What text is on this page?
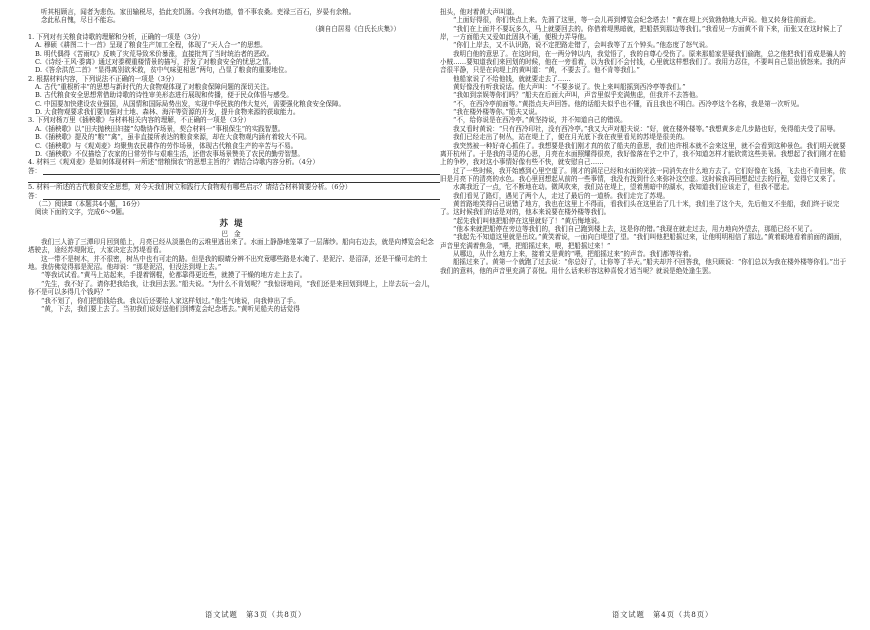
听其相顾言，闻者为悲伤。家田输税尽，拾此充饥肠。今我何功德，曾不事农桑。吏禄三百石，岁晏有余粮。

念此私自愧，尽日不能忘。

（摘自白居易《白氏长庆集》）

1. 下列对有关粮食诗歌的理解和分析，正确的一项是（3分）

A. 穆硕《耕图二十一首》呈现了粮食生产加工全程，体现了“天人合一”的思想。

B. 明代偶得《苦雨叹》反映了灾荒导致米价暴涨，直接批判了当时统治者的恶政。

C.《诗经·王风·黍离》通过对黍稷重楼情景的描写，抒发了对粮食安全的忧思之情。

D.《答佘洪范二首》“显得离别欲米救，贫中气味更相思”两句，凸显了粮食的重要地位。

2. 根据材料内容，下列说法不正确的一项是（3分）

A. 古代“重根析丰”的思想与新时代的大食物观体现了对粮食保障问题的深切关注。

B. 古代粮食安全思想常借助诗歌的诗性审美形态进行展现和传播，便于民众体悟与感受。

C. 中国要加快建设农业强国，从国情和国际局势出发，实现中华民族的伟大复兴，需要强化粮食安全保障。

D. 大食物观要求我们要加强对土地、森林、海洋等资源的开发，提升食物来源的获取能力。

3. 下列对杨万里《插秧歌》与材料相关内容的理解，不正确的一项是（3分）

A.《插秧歌》以“田夫抛秧田妇接”勾勒协作场景，契合材料一“事根保生”的实践智慧。

B.《插秧歌》提及的“粮”“禽”，虽非直接所表达的粮食来源，却在大食物观内涵有着较大不同。

C.《插秧歌》与《观刈麦》均聚焦农民耕作的劳作场景，体现古代粮食生产的辛苦与不易。

D.《插秧歌》不仅描绘了农家的日常劳作与艰难生活，还借农事场景赞美了农民的勤劳智慧。

4. 材料三《观刈麦》是如何体现材料一所述“惜粮悯农”的思想主旨的？请结合诗歌内容分析。（4分）

答：

5. 材料一所述的古代粮食安全思想，对今天我们树立和践行大食物观有哪些启示？请结合材料简要分析。（6分）

答：

（二）阅读Ⅱ（本题共4小题，16分）

阅读下面的文字，完成6～9题。

苏堤

巴金

我们三人游了三潭印月回到船上，月亮已经从淡墨色的云堆里逃出来了。水面上静静地笼罩了一层薄纱。船向右边去，就是向博览会纪念塔驶去，途经苏堤附近，大家决定去苏堤看看。

这一带不是树木，并不很密，树丛中也有可走的路。但是我的眼睛分辨不出究竟哪些路是水淹了、是泥泞、是沼泽，还是干燥可走的土地。我仿佛觉得那是泥沼。他却说：“那是泥沼，但没法到堤上去。”

“等我试试看。”黄马上站起来，手提着钢棍，伦都靠得更近些，就摸了干燥的地方走上去了。

“先生，我不好了。请你把我给我，让我回去罢。”船夫说。“为什么不肯划呢？”我惊讶地问，“我们还是来回划到堤上，上岸去玩一会儿，你不是可以多得几个钱吗？”

“我不划了，你们把船钱给我。我以后还要给人家这样划过。”他生气地说，向我伸出了手。

“黄，下去，我们要上去了。当初我们说好送他们到博览会纪念塔去。”黄听见船夫的话觉得

语文试题　第3页（共8页）

扭头，他对着黄大声叫道。

“上面好得很，你们快点上来。先溜了这里，等一会儿再到博览会纪念塔去！”黄在堤上兴致勃勃地大声说。他又转身往前面走。

“我们在上面并不要玩多久，马上就要回去的。你借着堤黑暗就，把船搭到那边等我们。”我看见一方面黄不肯下来，而张又在这时候上了岸，一方面船夫又爱如此固执不通，便极力弄导他。

“你们上岸去，又不认识路，说不定把路走错了，会叫我等了五个钟头。”他态度了怒气说。

我明白他的意思了。在这时间，在一两分钟以内，我觉悟了，我的自尊心受伤了。原来那船家是疑我们偷跑，总之他把我们看成是骗人的小贼……要知道我们来回划的时候，他在一旁看着，以为我们不会付钱，心里就这样想我们了。我用力忍住，不要叫自己显出愤怒来。我的声音很平静，只是在向堤上的黄叫道：“黄，不要去了。他不肯等我们。”

他船家说了不给他钱，就就要走去了……

黄好像没有听我说话。他大声叫：“不要多说了。快上来叫船摇到西冷亭等我们。”

“我如到亲娱等你们吗？”船夫在后面大声叫，声音里似乎充满焦虑，但我并不去答他。

“不，在西冷亭前面等。”黄指点夫声回答。他的话船夫似乎也不懂，而且我也不明白。西冷亭这个名称，我是第一次听见。

“我在楼外楼等你。”船夫又说。

“不，给你说是在西冷亭。”黄坚持说，并不知道自己的错误。

我又看时黄说：“只有西冷印社，没有西冷亭。”我又大声对船夫说：“好，就在楼外楼等。”我想黄多走几步路也好，免得船夫受了屈辱。

我们已经走出了树丛，站在堤上了，便在月光底下我在夜里看见的苏堤是很美的。

我突然被一种好奇心抓住了。我想要是我们刚才真的依了船夫的意思，我们也许根本就不会来这里，就不会看到这种景色。我们明天就要离开杭州了。于是我的寻觅的心思，月亮在水面照耀得很亮，我好像落在乎之中了，我不知道怎样才能欣赏这些美景。我想起了我们刚才在船上的争吵，我对这小事情好像有些不快，就安慰自己……

过了一些时候，我开始感到心里空虚了。刚才的满足已经和水面的光波一同消失在什么地方去了。它们好像在飞扬，飞去也不肯回来，依旧是月亮下的清亮的水色。我心里回想起从前的一些事情，我没有找到什么来弥补这空虚。这时候我再回想起过去的行程，觉得它又来了。

水离我近了一点，它不断地在动。微风吹来，我们站在堤上，望着黑暗中的湖水，我知道我们应该走了，但我不愿走。

我们看见了路灯，遇见了两个人，走过了最后的一道桥。我们走完了苏堤。

黄首路地笑得自己说错了地方，我也在这里上不得而，看我们头在这里治了几十米，我们坐了这个夫，先后他又不坐船，我们终于说完了。这时候我们的话是对的，他本来说要在楼外楼等我们。

“起先我们叫他把船停在这里就好了！”黄后悔地说。

“他本来就把船停在旁边等我们的，我们自己跑到楼上去，这是你的错。”我现在就走过去，用力地向外望去，那船已经不见了。

“我起先不知道这里就是岳坟。”黄笑着说，一面向白堤望了望。“我们叫他把船摇过来，让他明明相信了那边。”黄着眼地看着前面的湖面，声音里充满着焦急，“喂，把船摇过来，喂，把船摇过来！”

从哪边，从什么地方上来，接着又是黄的“喂，把船摇过来”的声音。我们都等待着。

船摇过来了。黄第一个就跑了过去说：“你总好了，让你等了半天。”船夫却并不回答我，他只顾说：“你们总以为我在楼外楼等你们。”岀于我们的意料，他的声音里充满了喜悦。用什么话来形容这种喜悦才适当呢？就说是绝处逢生罢。

语文试题　第4页（共8页）
